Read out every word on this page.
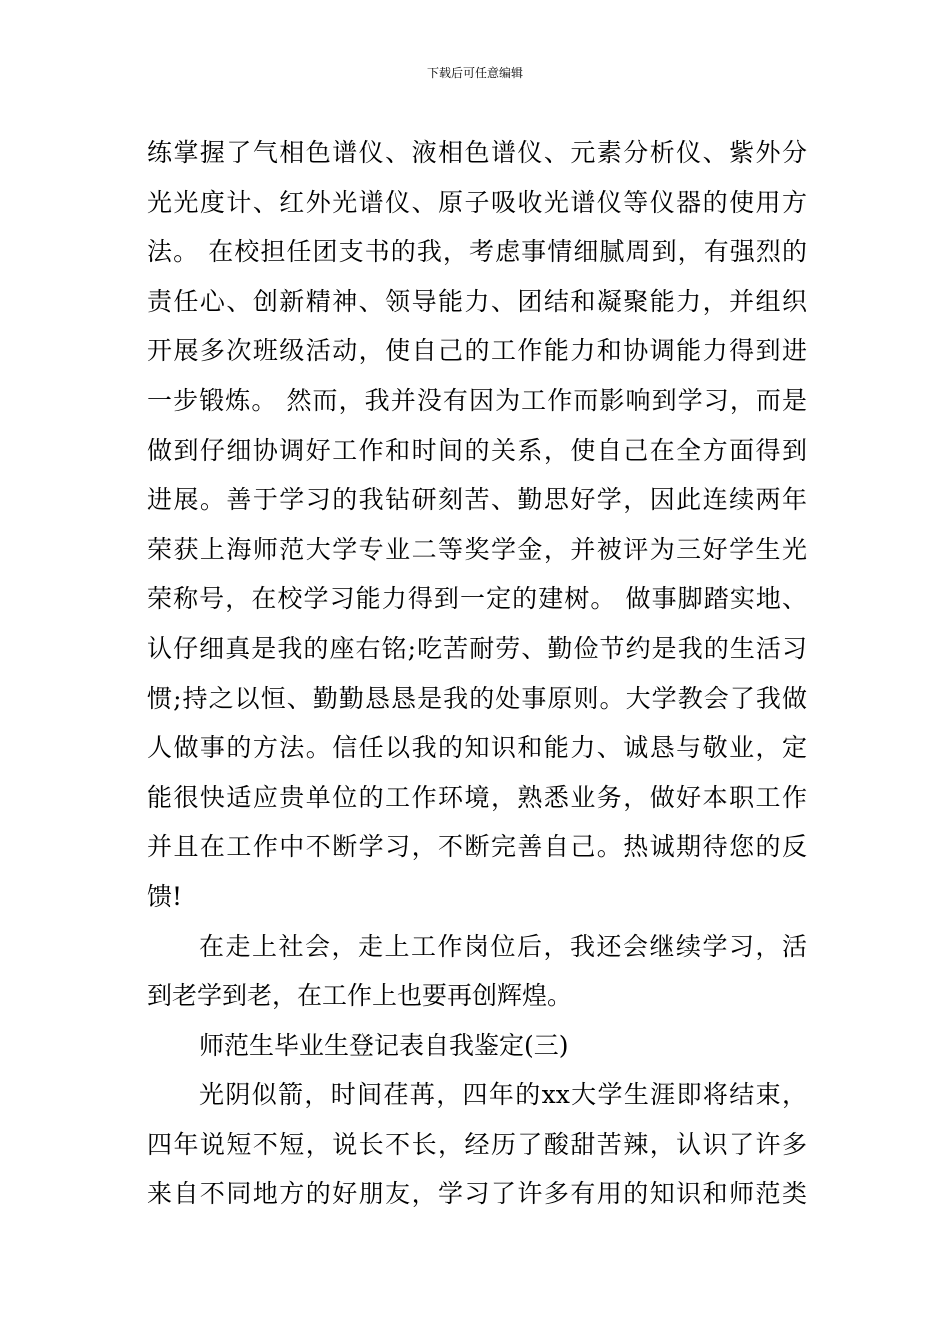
下载后可任意编辑
练掌握了气相色谱仪、液相色谱仪、元素分析仪、紫外分
光光度计、红外光谱仪、原子吸收光谱仪等仪器的使用方
法。 在校担任团支书的我，考虑事情细腻周到，有强烈的
责任心、创新精神、领导能力、团结和凝聚能力，并组织
开展多次班级活动，使自己的工作能力和协调能力得到进
一步锻炼。 然而，我并没有因为工作而影响到学习，而是
做到仔细协调好工作和时间的关系，使自己在全方面得到
进展。善于学习的我钻研刻苦、勤思好学，因此连续两年
荣获上海师范大学专业二等奖学金，并被评为三好学生光
荣称号，在校学习能力得到一定的建树。 做事脚踏实地、
认仔细真是我的座右铭;吃苦耐劳、勤俭节约是我的生活习
惯;持之以恒、勤勤恳恳是我的处事原则。大学教会了我做
人做事的方法。信任以我的知识和能力、诚恳与敬业，定
能很快适应贵单位的工作环境，熟悉业务，做好本职工作
并且在工作中不断学习，不断完善自己。热诚期待您的反
馈!
在走上社会，走上工作岗位后，我还会继续学习，活
到老学到老，在工作上也要再创辉煌。
师范生毕业生登记表自我鉴定(三)
光阴似箭，时间荏苒，四年的xx大学生涯即将结束，
四年说短不短，说长不长，经历了酸甜苦辣，认识了许多
来自不同地方的好朋友，学习了许多有用的知识和师范类
